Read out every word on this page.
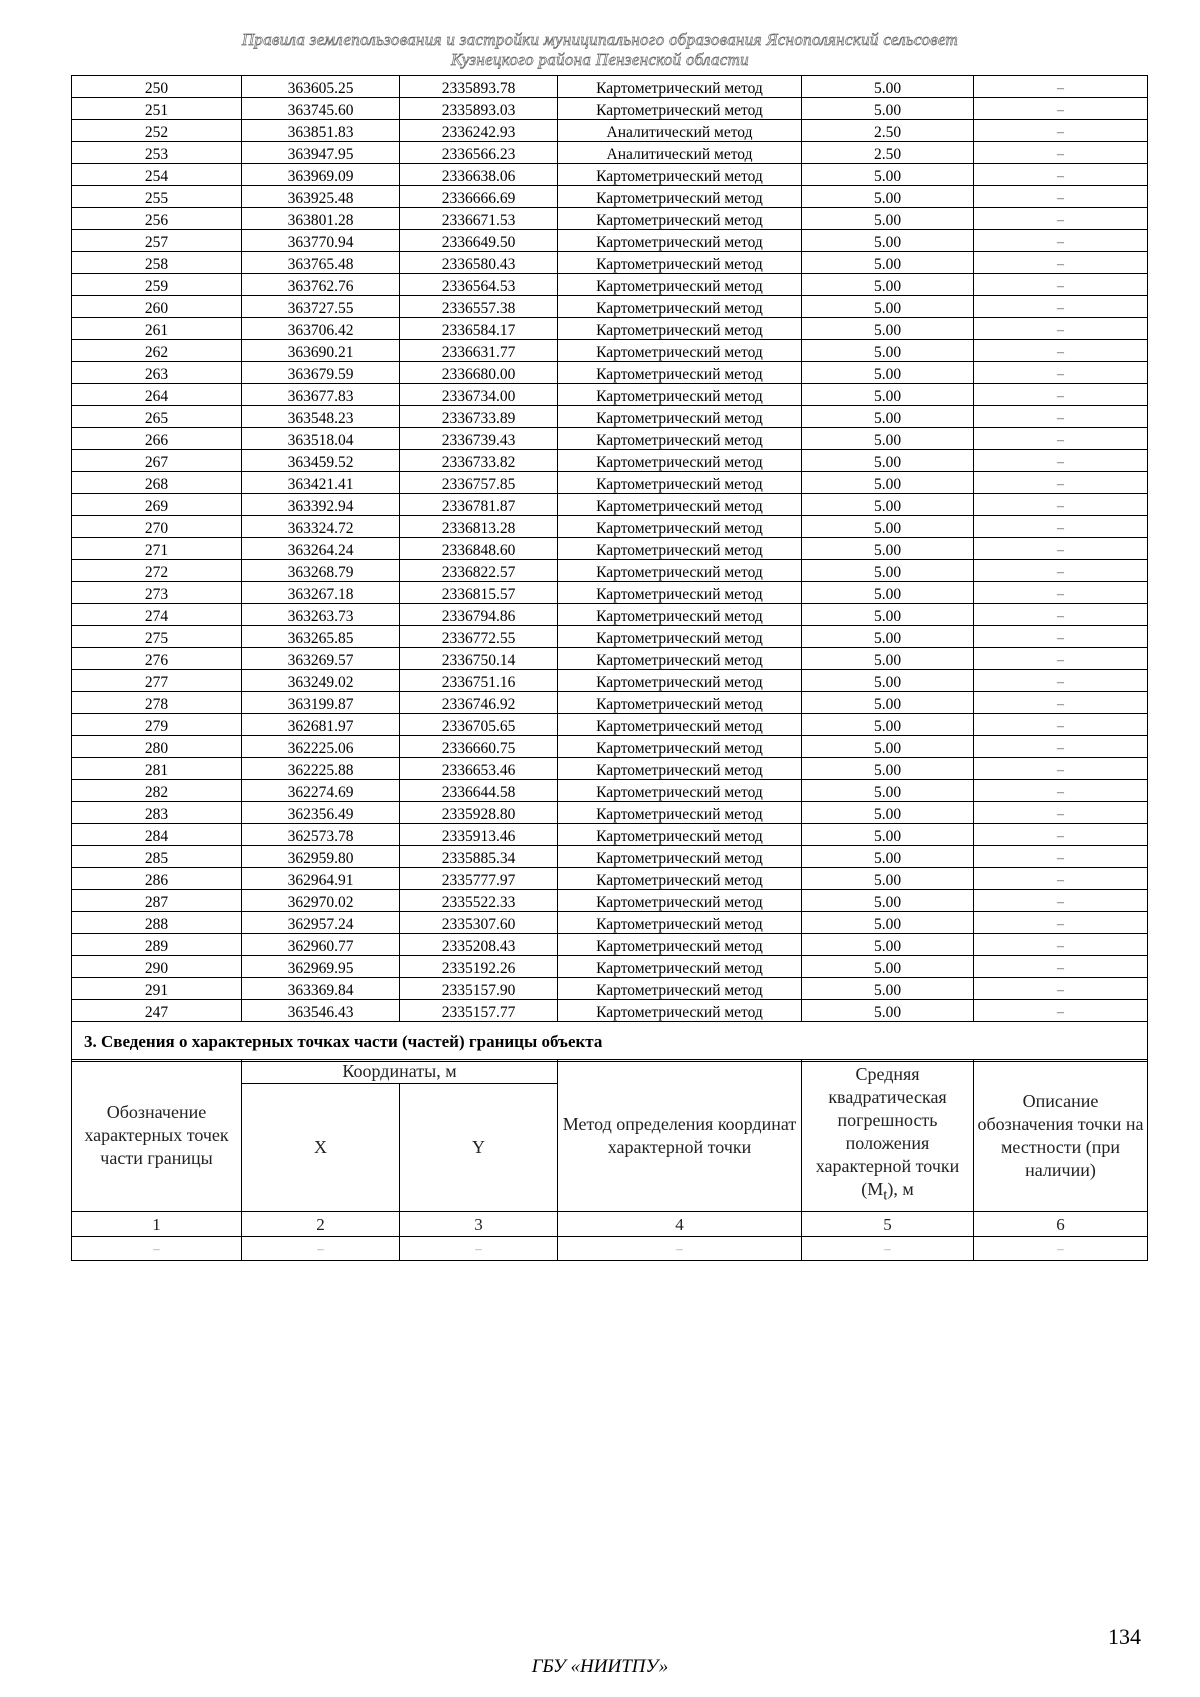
Правила землепользования и застройки муниципального образования Яснополянский сельсовет
Кузнецкого района Пензенской области
250	363605.25	2335893.78	Картометрический метод	5.00	–
251	363745.60	2335893.03	Картометрический метод	5.00	–
252	363851.83	2336242.93	Аналитический метод	2.50	–
253	363947.95	2336566.23	Аналитический метод	2.50	–
254	363969.09	2336638.06	Картометрический метод	5.00	–
255	363925.48	2336666.69	Картометрический метод	5.00	–
256	363801.28	2336671.53	Картометрический метод	5.00	–
257	363770.94	2336649.50	Картометрический метод	5.00	–
258	363765.48	2336580.43	Картометрический метод	5.00	–
259	363762.76	2336564.53	Картометрический метод	5.00	–
260	363727.55	2336557.38	Картометрический метод	5.00	–
261	363706.42	2336584.17	Картометрический метод	5.00	–
262	363690.21	2336631.77	Картометрический метод	5.00	–
263	363679.59	2336680.00	Картометрический метод	5.00	–
264	363677.83	2336734.00	Картометрический метод	5.00	–
265	363548.23	2336733.89	Картометрический метод	5.00	–
266	363518.04	2336739.43	Картометрический метод	5.00	–
267	363459.52	2336733.82	Картометрический метод	5.00	–
268	363421.41	2336757.85	Картометрический метод	5.00	–
269	363392.94	2336781.87	Картометрический метод	5.00	–
270	363324.72	2336813.28	Картометрический метод	5.00	–
271	363264.24	2336848.60	Картометрический метод	5.00	–
272	363268.79	2336822.57	Картометрический метод	5.00	–
273	363267.18	2336815.57	Картометрический метод	5.00	–
274	363263.73	2336794.86	Картометрический метод	5.00	–
275	363265.85	2336772.55	Картометрический метод	5.00	–
276	363269.57	2336750.14	Картометрический метод	5.00	–
277	363249.02	2336751.16	Картометрический метод	5.00	–
278	363199.87	2336746.92	Картометрический метод	5.00	–
279	362681.97	2336705.65	Картометрический метод	5.00	–
280	362225.06	2336660.75	Картометрический метод	5.00	–
281	362225.88	2336653.46	Картометрический метод	5.00	–
282	362274.69	2336644.58	Картометрический метод	5.00	–
283	362356.49	2335928.80	Картометрический метод	5.00	–
284	362573.78	2335913.46	Картометрический метод	5.00	–
285	362959.80	2335885.34	Картометрический метод	5.00	–
286	362964.91	2335777.97	Картометрический метод	5.00	–
287	362970.02	2335522.33	Картометрический метод	5.00	–
288	362957.24	2335307.60	Картометрический метод	5.00	–
289	362960.77	2335208.43	Картометрический метод	5.00	–
290	362969.95	2335192.26	Картометрический метод	5.00	–
291	363369.84	2335157.90	Картометрический метод	5.00	–
247	363546.43	2335157.77	Картометрический метод	5.00	–
3. Сведения о характерных точках части (частей) границы объекта					
Обозначение характерных точек части границы	Координаты, м		Метод определения координат характерной точки	Средняя квадратическая погрешность положения характерной точки $(M_t)$, м	Описание обозначения точки на местности (при наличии)
	X	Y			
1	2	3	4	5	6
–	–	–	–	–	–
134
ГБУ «НИИТПУ»
